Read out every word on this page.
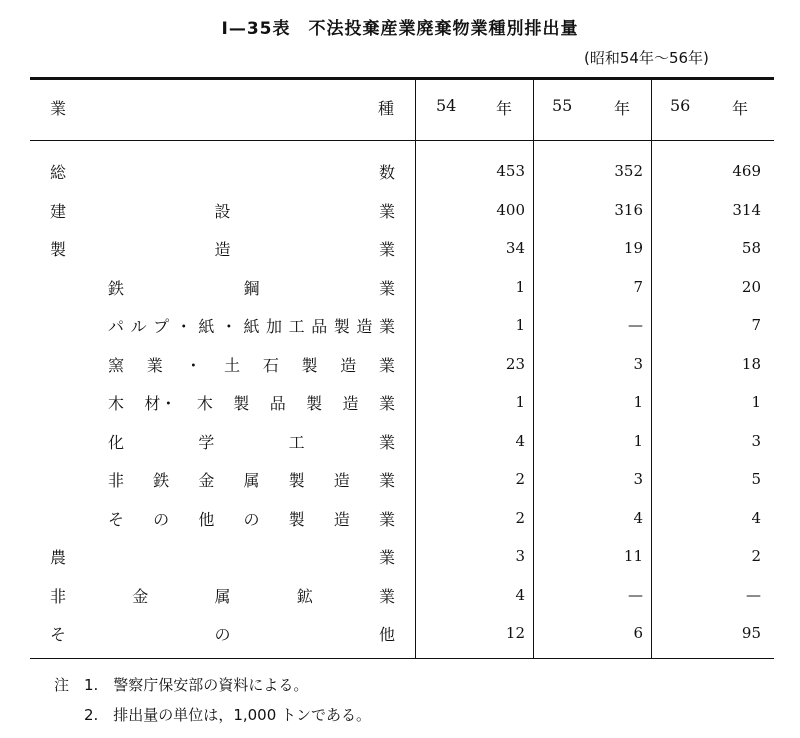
Ⅰ—35表　不法投棄産業廃棄物業種別排出量
(昭和54年〜56年)
業	種	54 年 55	年 56	年
総	数	453	352	469
建	設	業	400	316	314
製	造	業	34	19	58
鉄	鋼	業	1	7	20
パ ル プ ・ 紙 ・ 紙 加 工 品 製 造 業	1	—	7
窯 業 ・ 土 石 製 造 業	23	3	18
木 材・ 木 製 品 製 造 業	1	1	1
化	学	工	業	4	1	3
非 鉄 金 属 製 造 業	2	3	5
そ の 他 の 製 造 業	2	4	4
農	業	3	11	2
非	金	属	鉱	業	4	—	—
そ	の	他	12	6	95
注　1.　警察庁保安部の資料による。
　　2.　排出量の単位は，1,000 トンである。
